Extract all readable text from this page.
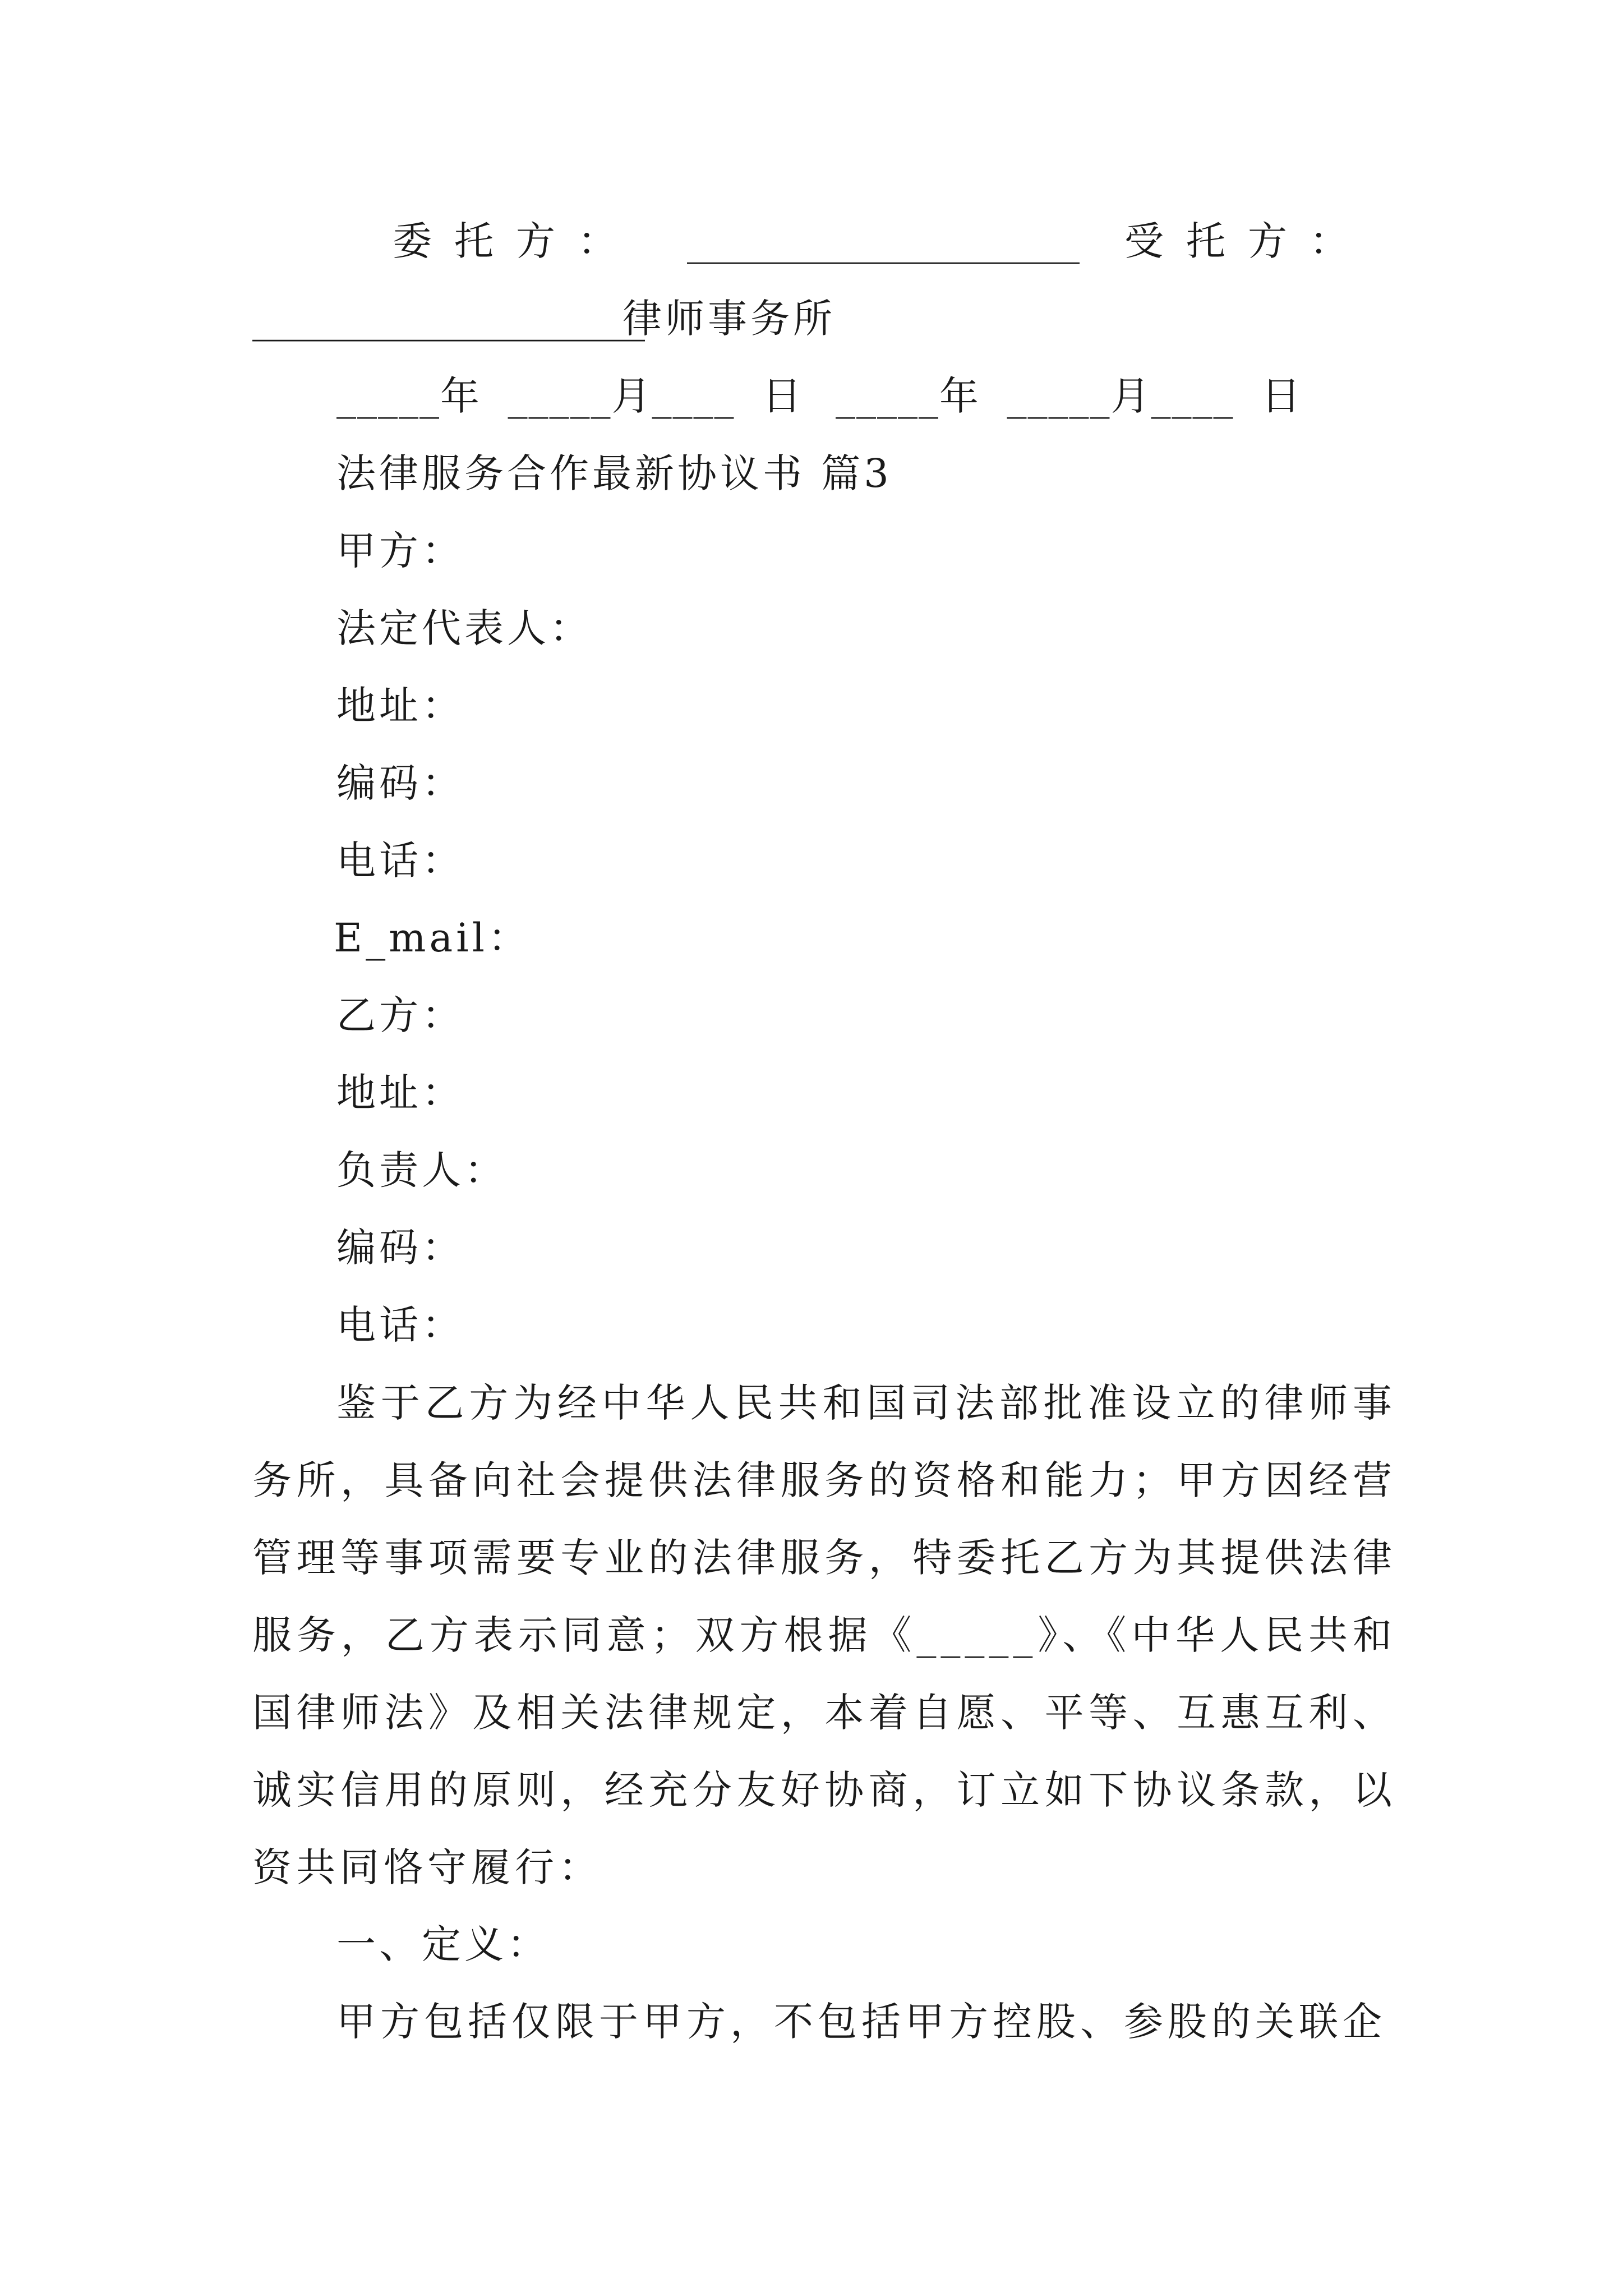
委托方： ____________________ 受托方：
____________________
律师事务所
_____年  _____月____  日 _____年  _____月____  日
法律服务合作最新协议书 篇3
甲方：
法定代表人：
地址：
编码：
电话：
E_mail：
乙方：
地址：
负责人：
编码：
电话：
鉴于乙方为经中华人民共和国司法部批准设立的律师事务所，具备向社会提供法律服务的资格和能力；甲方因经营管理等事项需要专业的法律服务，特委托乙方为其提供法律服务，乙方表示同意；双方根据《_____》、《中华人民共和国律师法》及相关法律规定，本着自愿、平等、互惠互利、诚实信用的原则，经充分友好协商，订立如下协议条款，以资共同恪守履行：
一、定义：
甲方包括仅限于甲方，不包括甲方控股、参股的关联企
